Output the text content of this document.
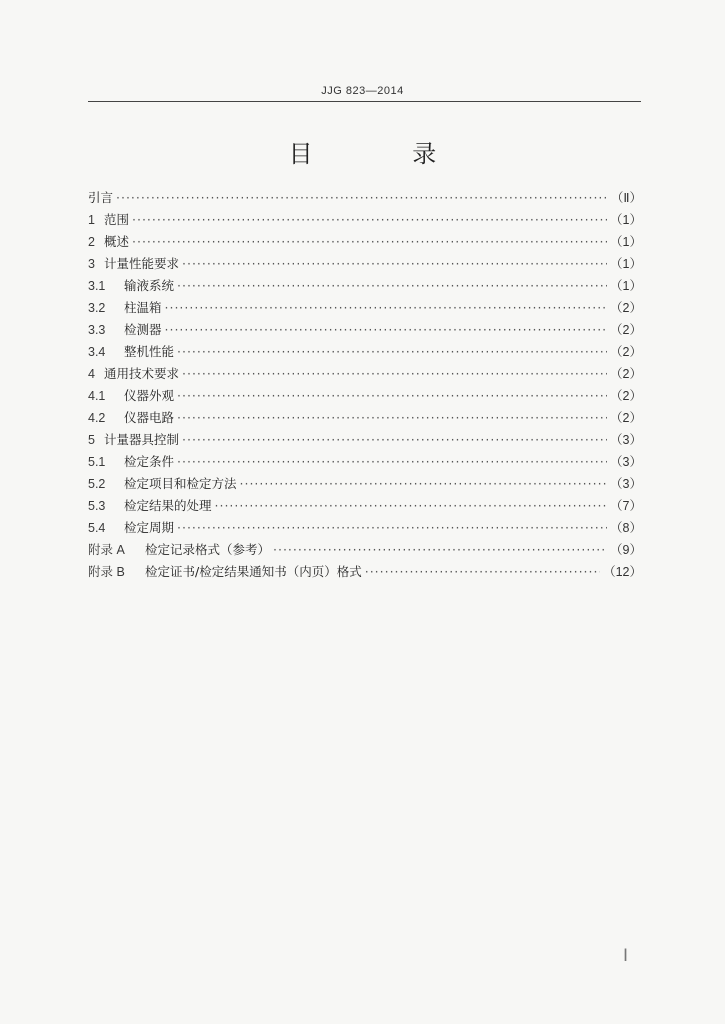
JJG 823—2014
目 录
引言 ·····	（Ⅱ）
1 范围 ·····	（1）
2 概述 ·····	（1）
3 计量性能要求 ·····	（1）
3.1	输液系统 ·····	（1）
3.2	柱温箱 ·····	（2）
3.3	检测器 ·····	（2）
3.4	整机性能 ·····	（2）
4 通用技术要求 ·····	（2）
4.1	仪器外观 ·····	（2）
4.2	仪器电路 ·····	（2）
5 计量器具控制 ·····	（3）
5.1	检定条件 ·····	（3）
5.2	检定项目和检定方法 ·····	（3）
5.3	检定结果的处理 ·····	（7）
5.4	检定周期 ·····	（8）
附录 A	检定记录格式（参考） ·····	（9）
附录 B	检定证书/检定结果通知书（内页）格式 ·····	（12）
Ⅰ
